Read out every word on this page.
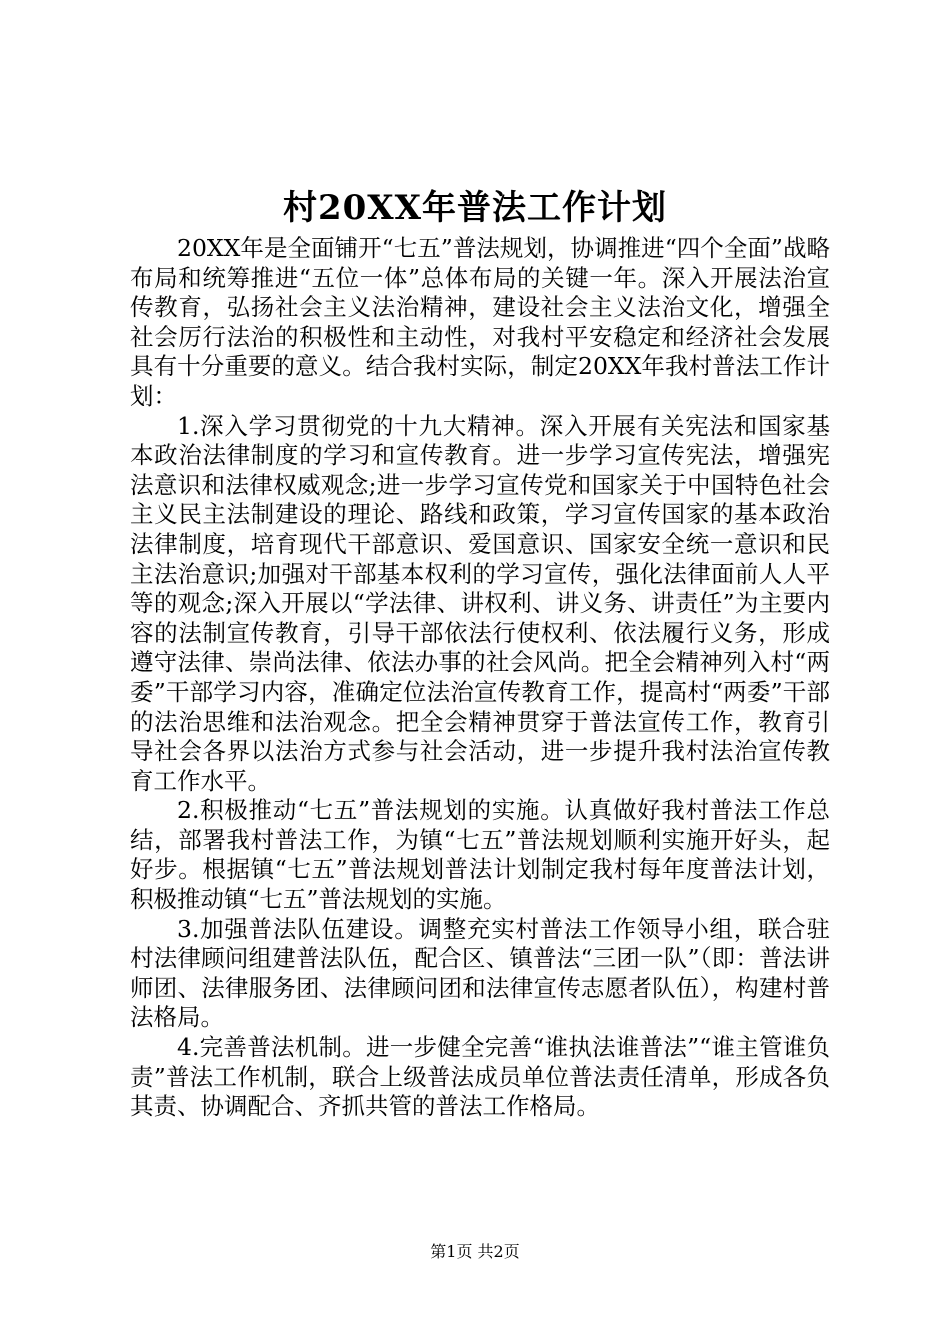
村20XX年普法工作计划

20XX年是全面铺开“七五”普法规划，协调推进“四个全面”战略布局和统筹推进“五位一体”总体布局的关键一年。深入开展法治宣传教育，弘扬社会主义法治精神，建设社会主义法治文化，增强全社会厉行法治的积极性和主动性，对我村平安稳定和经济社会发展具有十分重要的意义。结合我村实际，制定20XX年我村普法工作计划：

1.深入学习贯彻党的十九大精神。深入开展有关宪法和国家基本政治法律制度的学习和宣传教育。进一步学习宣传宪法，增强宪法意识和法律权威观念;进一步学习宣传党和国家关于中国特色社会主义民主法制建设的理论、路线和政策，学习宣传国家的基本政治法律制度，培育现代干部意识、爱国意识、国家安全统一意识和民主法治意识;加强对干部基本权利的学习宣传，强化法律面前人人平等的观念;深入开展以“学法律、讲权利、讲义务、讲责任”为主要内容的法制宣传教育，引导干部依法行使权利、依法履行义务，形成遵守法律、崇尚法律、依法办事的社会风尚。把全会精神列入村“两委”干部学习内容，准确定位法治宣传教育工作，提高村“两委”干部的法治思维和法治观念。把全会精神贯穿于普法宣传工作，教育引导社会各界以法治方式参与社会活动，进一步提升我村法治宣传教育工作水平。

2.积极推动“七五”普法规划的实施。认真做好我村普法工作总结，部署我村普法工作，为镇“七五”普法规划顺利实施开好头，起好步。根据镇“七五”普法规划普法计划制定我村每年度普法计划，积极推动镇“七五”普法规划的实施。

3.加强普法队伍建设。调整充实村普法工作领导小组，联合驻村法律顾问组建普法队伍，配合区、镇普法“三团一队”（即：普法讲师团、法律服务团、法律顾问团和法律宣传志愿者队伍），构建村普法格局。

4.完善普法机制。进一步健全完善“谁执法谁普法”“谁主管谁负责”普法工作机制，联合上级普法成员单位普法责任清单，形成各负其责、协调配合、齐抓共管的普法工作格局。

第1页 共2页
